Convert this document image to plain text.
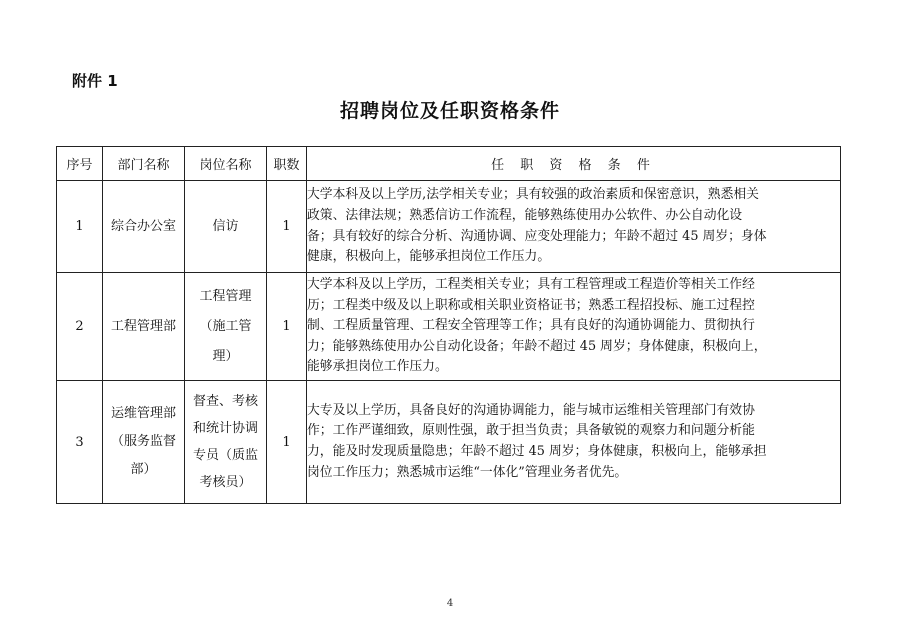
附件 1
招聘岗位及任职资格条件
序号	部门名称	岗位名称	职数	任 职 资 格 条 件
1	综合办公室	信访	1	大学本科及以上学历,法学相关专业；具有较强的政治素质和保密意识，熟悉相关
政策、法律法规；熟悉信访工作流程，能够熟练使用办公软件、办公自动化设
备；具有较好的综合分析、沟通协调、应变处理能力；年龄不超过 45 周岁；身体
健康，积极向上，能够承担岗位工作压力。

2	工程管理部	工程管理
（施工管
理）	1	大学本科及以上学历，工程类相关专业；具有工程管理或工程造价等相关工作经
历；工程类中级及以上职称或相关职业资格证书；熟悉工程招投标、施工过程控
制、工程质量管理、工程安全管理等工作；具有良好的沟通协调能力、贯彻执行
力；能够熟练使用办公自动化设备；年龄不超过 45 周岁；身体健康，积极向上，
能够承担岗位工作压力。

3	运维管理部
（服务监督
部）	督查、考核
和统计协调
专员（质监
考核员）	1	大专及以上学历，具备良好的沟通协调能力，能与城市运维相关管理部门有效协
作；工作严谨细致，原则性强，敢于担当负责；具备敏锐的观察力和问题分析能
力，能及时发现质量隐患；年龄不超过 45 周岁；身体健康，积极向上，能够承担
岗位工作压力；熟悉城市运维“一体化”管理业务者优先。
4
